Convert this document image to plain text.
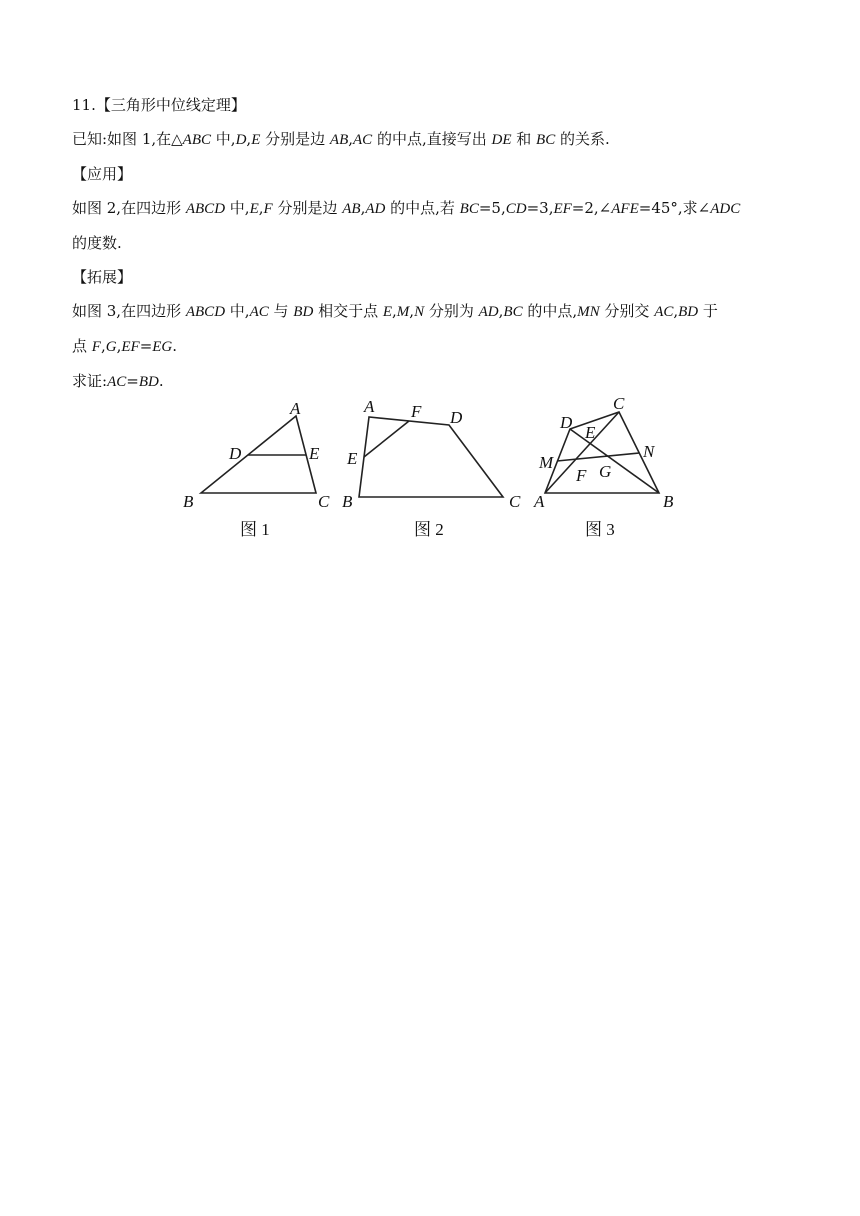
11.【三角形中位线定理】
已知:如图 1,在△ABC 中,D,E 分别是边 AB,AC 的中点,直接写出 DE 和 BC 的关系.
【应用】
如图 2,在四边形 ABCD 中,E,F 分别是边 AB,AD 的中点,若 BC=5,CD=3,EF=2,∠AFE=45°,求∠ADC
的度数.
【拓展】
如图 3,在四边形 ABCD 中,AC 与 BD 相交于点 E,M,N 分别为 AD,BC 的中点,MN 分别交 AC,BD 于
点 F,G,EF=EG.
求证:AC=BD.
A
B	C
D	E
图 1
A
B	C
D
E
F
图 2
A	B
C
D
E
F G
M
N
图 3
